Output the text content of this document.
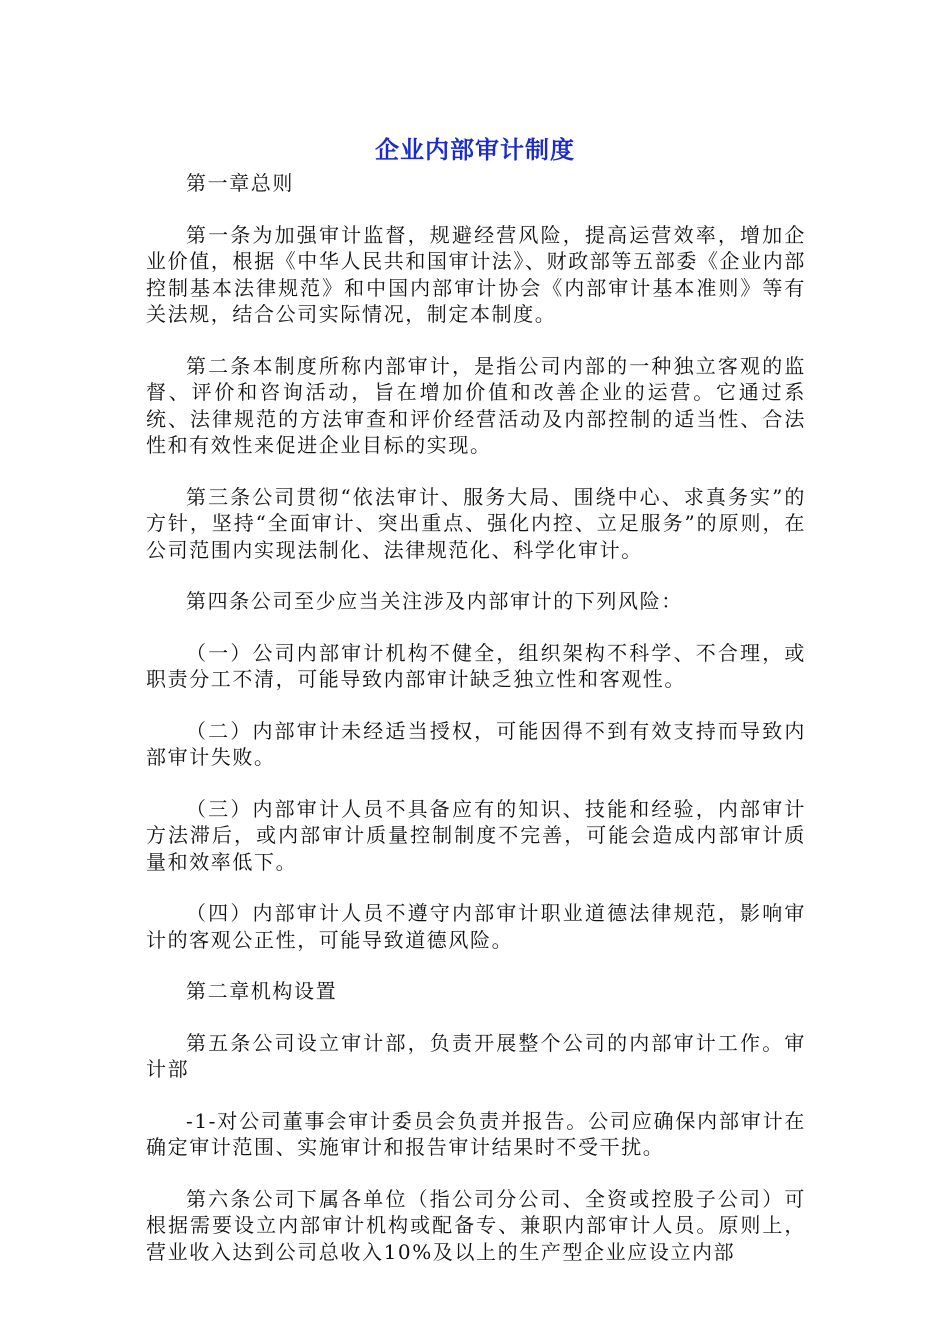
企业内部审计制度

第一章总则

第一条为加强审计监督，规避经营风险，提高运营效率，增加企业价值，根据《中华人民共和国审计法》、财政部等五部委《企业内部控制基本法律规范》和中国内部审计协会《内部审计基本准则》等有关法规，结合公司实际情况，制定本制度。

第二条本制度所称内部审计，是指公司内部的一种独立客观的监督、评价和咨询活动，旨在增加价值和改善企业的运营。它通过系统、法律规范的方法审查和评价经营活动及内部控制的适当性、合法性和有效性来促进企业目标的实现。

第三条公司贯彻“依法审计、服务大局、围绕中心、求真务实”的方针，坚持“全面审计、突出重点、强化内控、立足服务”的原则，在公司范围内实现法制化、法律规范化、科学化审计。

第四条公司至少应当关注涉及内部审计的下列风险：

（一）公司内部审计机构不健全，组织架构不科学、不合理，或职责分工不清，可能导致内部审计缺乏独立性和客观性。

（二）内部审计未经适当授权，可能因得不到有效支持而导致内部审计失败。

（三）内部审计人员不具备应有的知识、技能和经验，内部审计方法滞后，或内部审计质量控制制度不完善，可能会造成内部审计质量和效率低下。

（四）内部审计人员不遵守内部审计职业道德法律规范，影响审计的客观公正性，可能导致道德风险。

第二章机构设置

第五条公司设立审计部，负责开展整个公司的内部审计工作。审计部

-1-对公司董事会审计委员会负责并报告。公司应确保内部审计在确定审计范围、实施审计和报告审计结果时不受干扰。

第六条公司下属各单位（指公司分公司、全资或控股子公司）可根据需要设立内部审计机构或配备专、兼职内部审计人员。原则上，营业收入达到公司总收入10%及以上的生产型企业应设立内部
